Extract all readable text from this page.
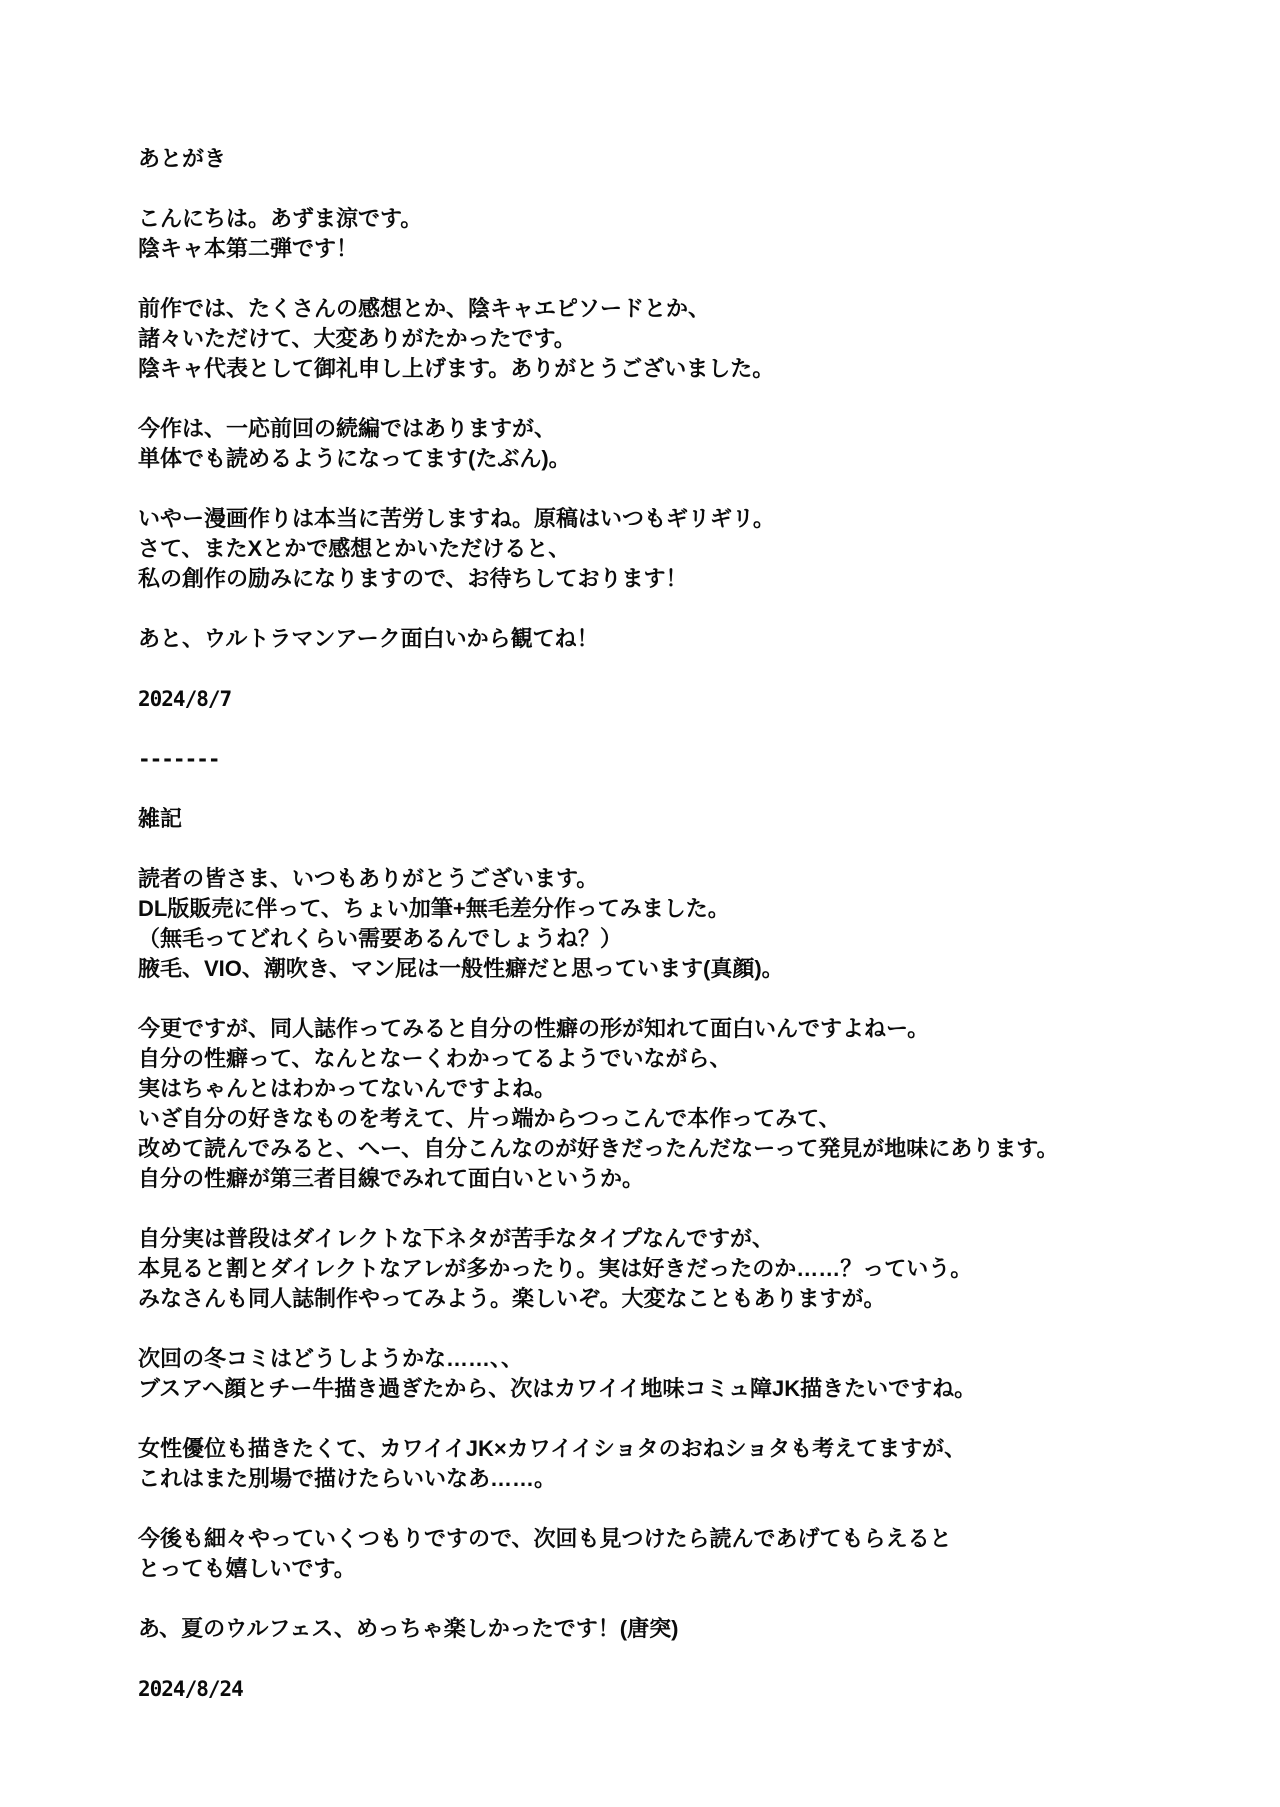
あとがき
こんにちは。あずま涼です。
陰キャ本第二弾です！
前作では、たくさんの感想とか、陰キャエピソードとか、
諸々いただけて、大変ありがたかったです。
陰キャ代表として御礼申し上げます。ありがとうございました。
今作は、一応前回の続編ではありますが、
単体でも読めるようになってます(たぶん)。
いやー漫画作りは本当に苦労しますね。原稿はいつもギリギリ。
さて、またXとかで感想とかいただけると、
私の創作の励みになりますので、お待ちしております！
あと、ウルトラマンアーク面白いから観てね！
2024/8/7
-------
雑記
読者の皆さま、いつもありがとうございます。
DL版販売に伴って、ちょい加筆+無毛差分作ってみました。
（無毛ってどれくらい需要あるんでしょうね？）
腋毛、VIO、潮吹き、マン屁は一般性癖だと思っています(真顔)。
今更ですが、同人誌作ってみると自分の性癖の形が知れて面白いんですよねー。
自分の性癖って、なんとなーくわかってるようでいながら、
実はちゃんとはわかってないんですよね。
いざ自分の好きなものを考えて、片っ端からつっこんで本作ってみて、
改めて読んでみると、へー、自分こんなのが好きだったんだなーって発見が地味にあります。
自分の性癖が第三者目線でみれて面白いというか。
自分実は普段はダイレクトな下ネタが苦手なタイプなんですが、
本見ると割とダイレクトなアレが多かったり。実は好きだったのか……？っていう。
みなさんも同人誌制作やってみよう。楽しいぞ。大変なこともありますが。
次回の冬コミはどうしようかな……、、
ブスアヘ顔とチー牛描き過ぎたから、次はカワイイ地味コミュ障JK描きたいですね。
女性優位も描きたくて、カワイイJK×カワイイショタのおねショタも考えてますが、
これはまた別場で描けたらいいなあ……。
今後も細々やっていくつもりですので、次回も見つけたら読んであげてもらえると
とっても嬉しいです。
あ、夏のウルフェス、めっちゃ楽しかったです！(唐突)
2024/8/24
